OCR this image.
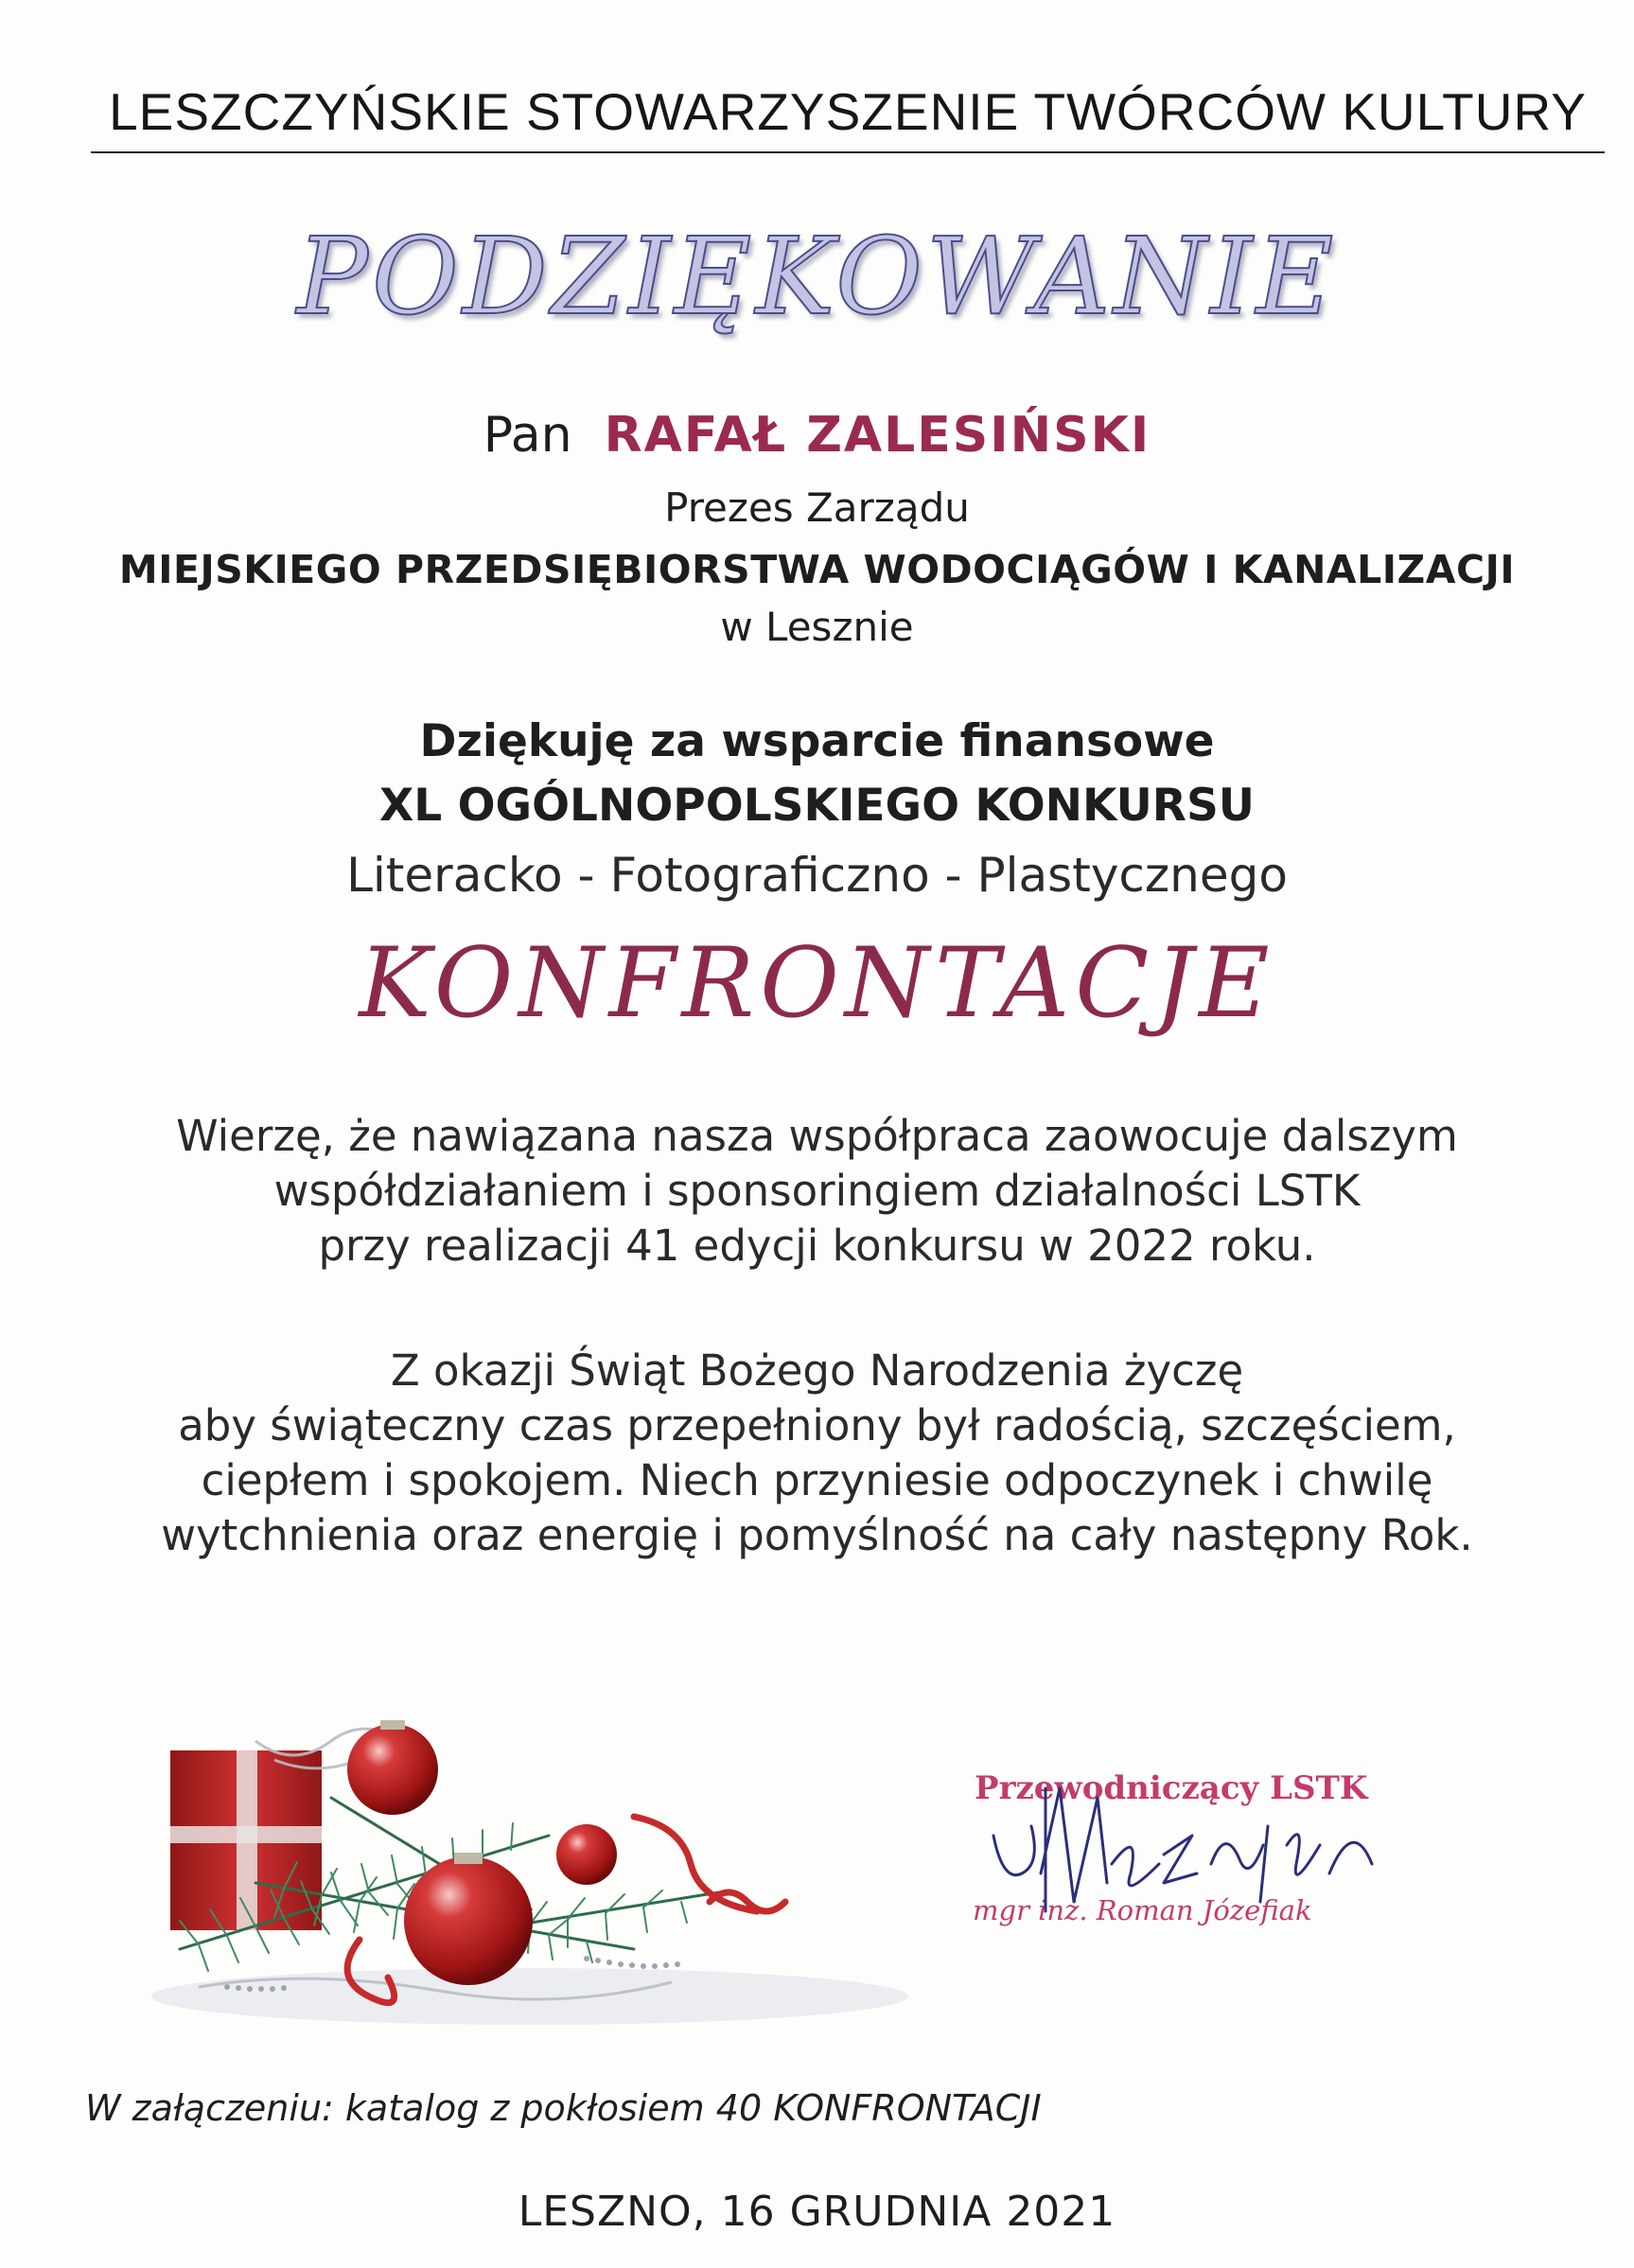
LESZCZYŃSKIE STOWARZYSZENIE TWÓRCÓW KULTURY
PODZIĘKOWANIE
Pan RAFAŁ ZALESIŃSKI
Prezes Zarządu
MIEJSKIEGO PRZEDSIĘBIORSTWA WODOCIĄGÓW I KANALIZACJI
w Lesznie
Dziękuję za wsparcie finansowe
XL OGÓLNOPOLSKIEGO KONKURSU
Literacko - Fotograficzno - Plastycznego
KONFRONTACJE
Wierzę, że nawiązana nasza współpraca zaowocuje dalszym
współdziałaniem i sponsoringiem działalności LSTK
przy realizacji 41 edycji konkursu w 2022 roku.
Z okazji Świąt Bożego Narodzenia życzę
aby świąteczny czas przepełniony był radością, szczęściem,
ciepłem i spokojem. Niech przyniesie odpoczynek i chwilę
wytchnienia oraz energię i pomyślność na cały następny Rok.
Przewodniczący LSTK
mgr inż. Roman Józefiak
W załączeniu: katalog z pokłosiem 40 KONFRONTACJI
LESZNO, 16 GRUDNIA 2021
